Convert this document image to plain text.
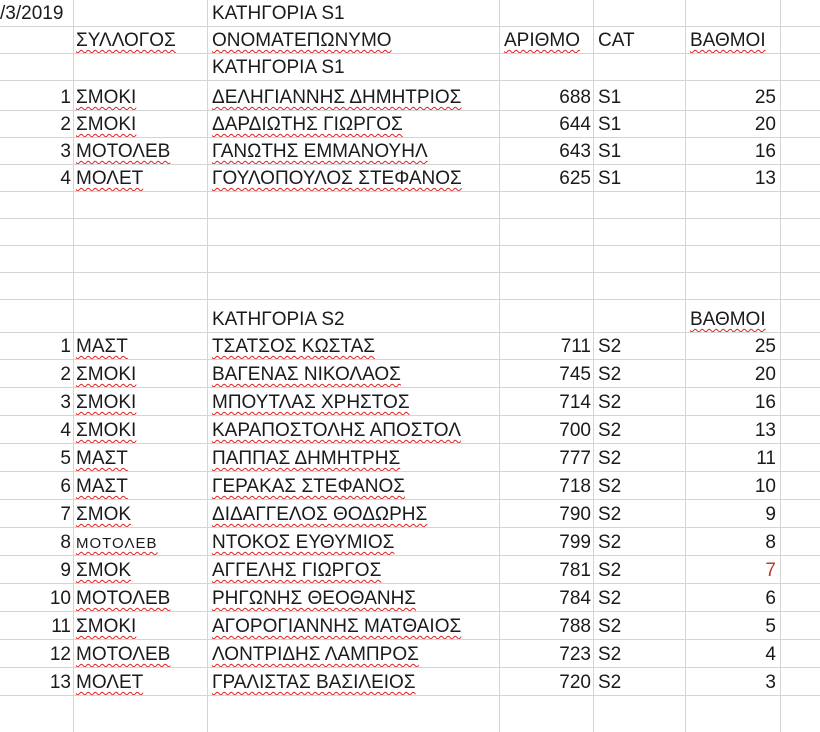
/3/2019	ΚΑΤΗΓΟΡΙΑ S1
ΣΥΛΛΟΓΟΣ	ΟΝΟΜΑΤΕΠΩΝΥΜΟ	ΑΡΙΘΜΟ CAT	ΒΑΘΜΟΙ
ΚΑΤΗΓΟΡΙΑ S1
1 ΣΜΟΚΙ	ΔΕΛΗΓΙΑΝΝΗΣ ΔΗΜΗΤΡΙΟΣ	688 S1	25
2 ΣΜΟΚΙ	ΔΑΡΔΙΩΤΗΣ ΓΙΩΡΓΟΣ	644 S1	20
3 ΜΟΤΟΛΕΒ	ΓΑΝΩΤΗΣ ΕΜΜΑΝΟΥΗΛ	643 S1	16
4 ΜΟΛΕΤ	ΓΟΥΛΟΠΟΥΛΟΣ ΣΤΕΦΑΝΟΣ	625 S1	13
ΚΑΤΗΓΟΡΙΑ S2	ΒΑΘΜΟΙ
1 ΜΑΣΤ	ΤΣΑΤΣΟΣ ΚΩΣΤΑΣ	711 S2	25
2 ΣΜΟΚΙ	ΒΑΓΕΝΑΣ ΝΙΚΟΛΑΟΣ	745 S2	20
3 ΣΜΟΚΙ	ΜΠΟΥΤΛΑΣ ΧΡΗΣΤΟΣ	714 S2	16
4 ΣΜΟΚΙ	ΚΑΡΑΠΟΣΤΟΛΗΣ ΑΠΟΣΤΟΛ	700 S2	13
5 ΜΑΣΤ	ΠΑΠΠΑΣ ΔΗΜΗΤΡΗΣ	777 S2	11
6 ΜΑΣΤ	ΓΕΡΑΚΑΣ ΣΤΕΦΑΝΟΣ	718 S2	10
7 ΣΜΟΚ	ΔΙΔΑΓΓΕΛΟΣ ΘΟΔΩΡΗΣ	790 S2	9
8 ΜΟΤΟΛΕΒ	ΝΤΟΚΟΣ ΕΥΘΥΜΙΟΣ	799 S2	8
9 ΣΜΟΚ	ΑΓΓΕΛΗΣ ΓΙΩΡΓΟΣ	781 S2	7
10 ΜΟΤΟΛΕΒ	ΡΗΓΩΝΗΣ ΘΕΟΘΑΝΗΣ	784 S2	6
11 ΣΜΟΚΙ	ΑΓΟΡΟΓΙΑΝΝΗΣ ΜΑΤΘΑΙΟΣ	788 S2	5
12 ΜΟΤΟΛΕΒ	ΛΟΝΤΡΙΔΗΣ ΛΑΜΠΡΟΣ	723 S2	4
13 ΜΟΛΕΤ	ΓΡΑΛΙΣΤΑΣ ΒΑΣΙΛΕΙΟΣ	720 S2	3
